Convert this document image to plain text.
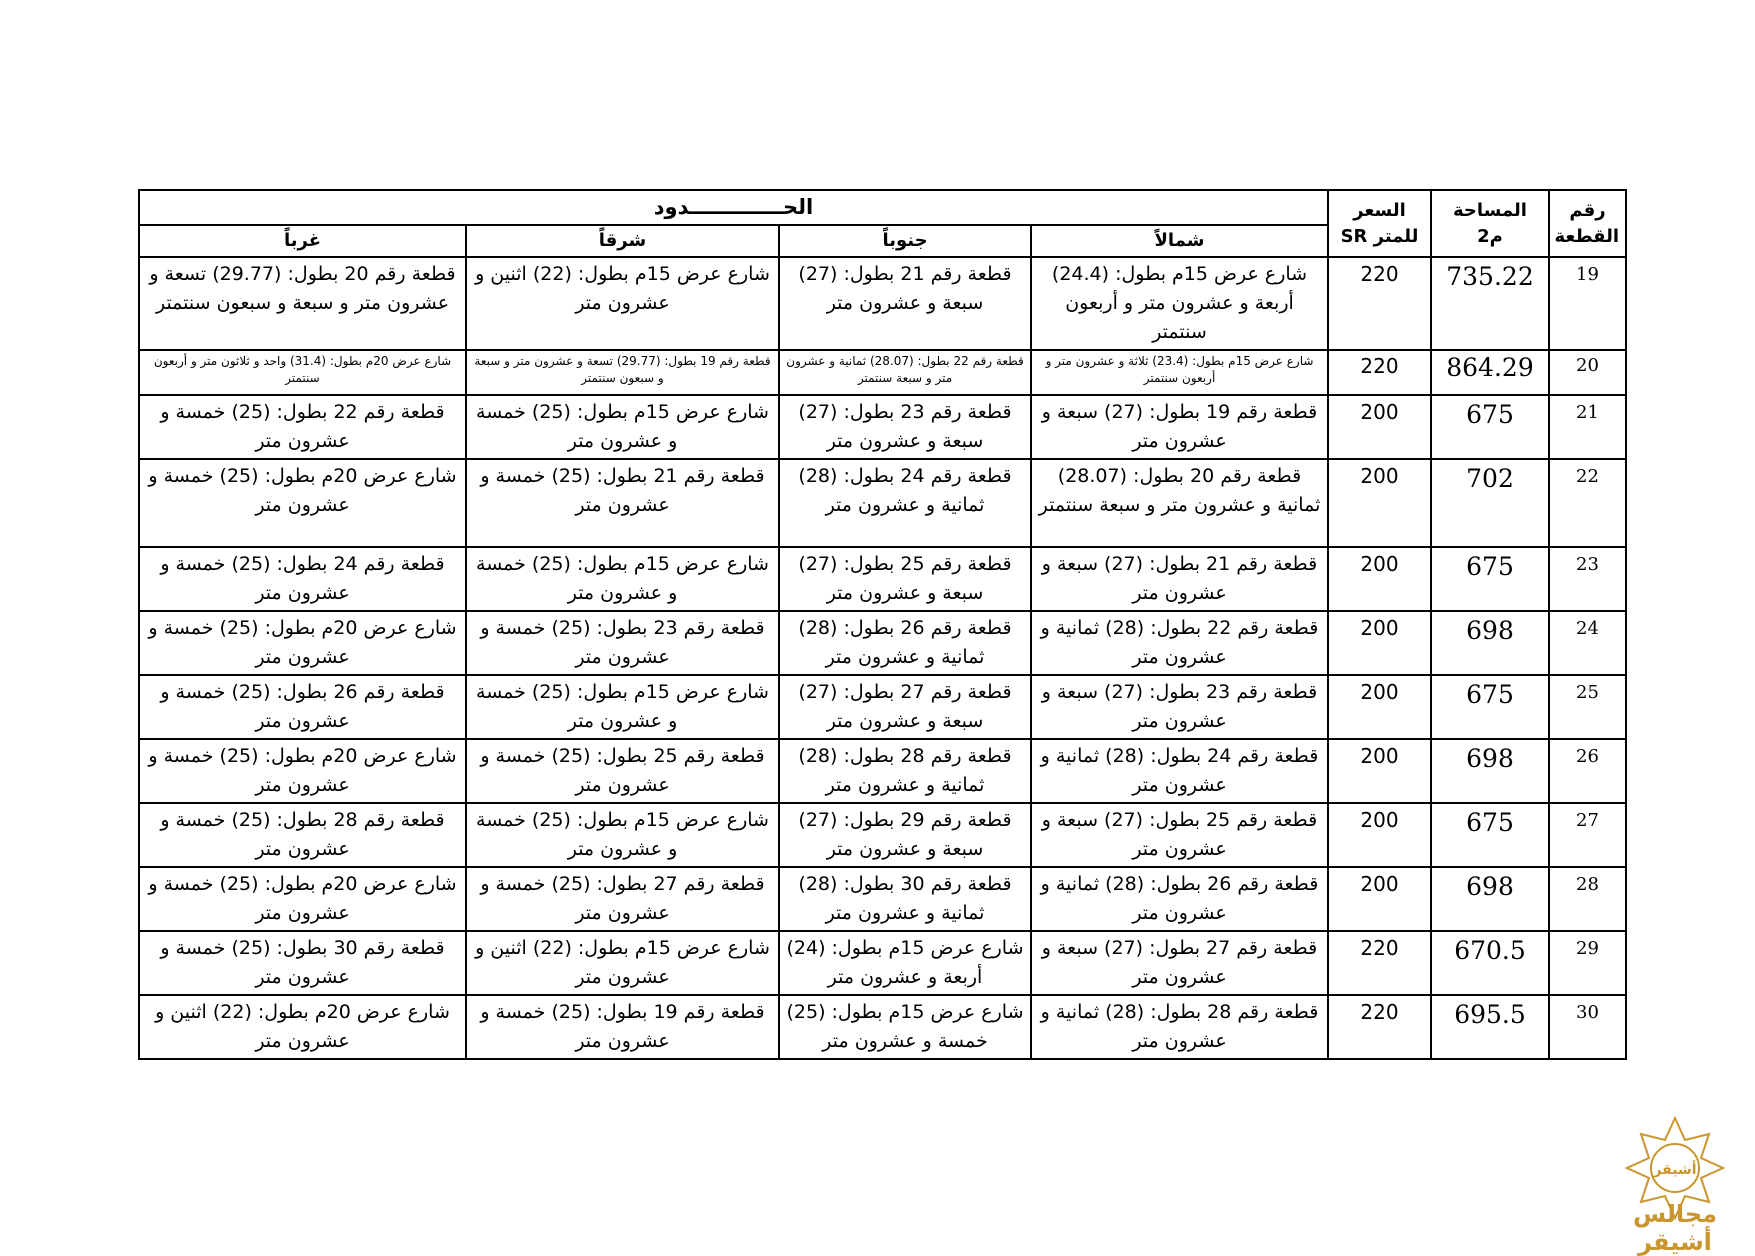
رقم القطعة	المساحة م2	السعر للمتر SR	الحـــــــــــــدود			
			شمالاً	جنوباً	شرقاً	غرباً
19	735.22	220	شارع عرض 15م بطول: (24.4) أربعة و عشرون متر و أربعون سنتمتر	قطعة رقم 21 بطول: (27) سبعة و عشرون متر	شارع عرض 15م بطول: (22) اثنين و عشرون متر	قطعة رقم 20 بطول: (29.77) تسعة و عشرون متر و سبعة و سبعون سنتمتر
20	864.29	220	شارع عرض 15م بطول: (23.4) ثلاثة و عشرون متر و أربعون سنتمتر	قطعة رقم 22 بطول: (28.07) ثمانية و عشرون متر و سبعة سنتمتر	قطعة رقم 19 بطول: (29.77) تسعة و عشرون متر و سبعة و سبعون سنتمتر	شارع عرض 20م بطول: (31.4) واحد و ثلاثون متر و أربعون سنتمتر
21	675	200	قطعة رقم 19 بطول: (27) سبعة و عشرون متر	قطعة رقم 23 بطول: (27) سبعة و عشرون متر	شارع عرض 15م بطول: (25) خمسة و عشرون متر	قطعة رقم 22 بطول: (25) خمسة و عشرون متر
22	702	200	قطعة رقم 20 بطول: (28.07) ثمانية و عشرون متر و سبعة سنتمتر	قطعة رقم 24 بطول: (28) ثمانية و عشرون متر	قطعة رقم 21 بطول: (25) خمسة و عشرون متر	شارع عرض 20م بطول: (25) خمسة و عشرون متر
23	675	200	قطعة رقم 21 بطول: (27) سبعة و عشرون متر	قطعة رقم 25 بطول: (27) سبعة و عشرون متر	شارع عرض 15م بطول: (25) خمسة و عشرون متر	قطعة رقم 24 بطول: (25) خمسة و عشرون متر
24	698	200	قطعة رقم 22 بطول: (28) ثمانية و عشرون متر	قطعة رقم 26 بطول: (28) ثمانية و عشرون متر	قطعة رقم 23 بطول: (25) خمسة و عشرون متر	شارع عرض 20م بطول: (25) خمسة و عشرون متر
25	675	200	قطعة رقم 23 بطول: (27) سبعة و عشرون متر	قطعة رقم 27 بطول: (27) سبعة و عشرون متر	شارع عرض 15م بطول: (25) خمسة و عشرون متر	قطعة رقم 26 بطول: (25) خمسة و عشرون متر
26	698	200	قطعة رقم 24 بطول: (28) ثمانية و عشرون متر	قطعة رقم 28 بطول: (28) ثمانية و عشرون متر	قطعة رقم 25 بطول: (25) خمسة و عشرون متر	شارع عرض 20م بطول: (25) خمسة و عشرون متر
27	675	200	قطعة رقم 25 بطول: (27) سبعة و عشرون متر	قطعة رقم 29 بطول: (27) سبعة و عشرون متر	شارع عرض 15م بطول: (25) خمسة و عشرون متر	قطعة رقم 28 بطول: (25) خمسة و عشرون متر
28	698	200	قطعة رقم 26 بطول: (28) ثمانية و عشرون متر	قطعة رقم 30 بطول: (28) ثمانية و عشرون متر	قطعة رقم 27 بطول: (25) خمسة و عشرون متر	شارع عرض 20م بطول: (25) خمسة و عشرون متر
29	670.5	220	قطعة رقم 27 بطول: (27) سبعة و عشرون متر	شارع عرض 15م بطول: (24) أربعة و عشرون متر	شارع عرض 15م بطول: (22) اثنين و عشرون متر	قطعة رقم 30 بطول: (25) خمسة و عشرون متر
30	695.5	220	قطعة رقم 28 بطول: (28) ثمانية و عشرون متر	شارع عرض 15م بطول: (25) خمسة و عشرون متر	قطعة رقم 19 بطول: (25) خمسة و عشرون متر	شارع عرض 20م بطول: (22) اثنين و عشرون متر
أشيقر
مجالس أشيقر
